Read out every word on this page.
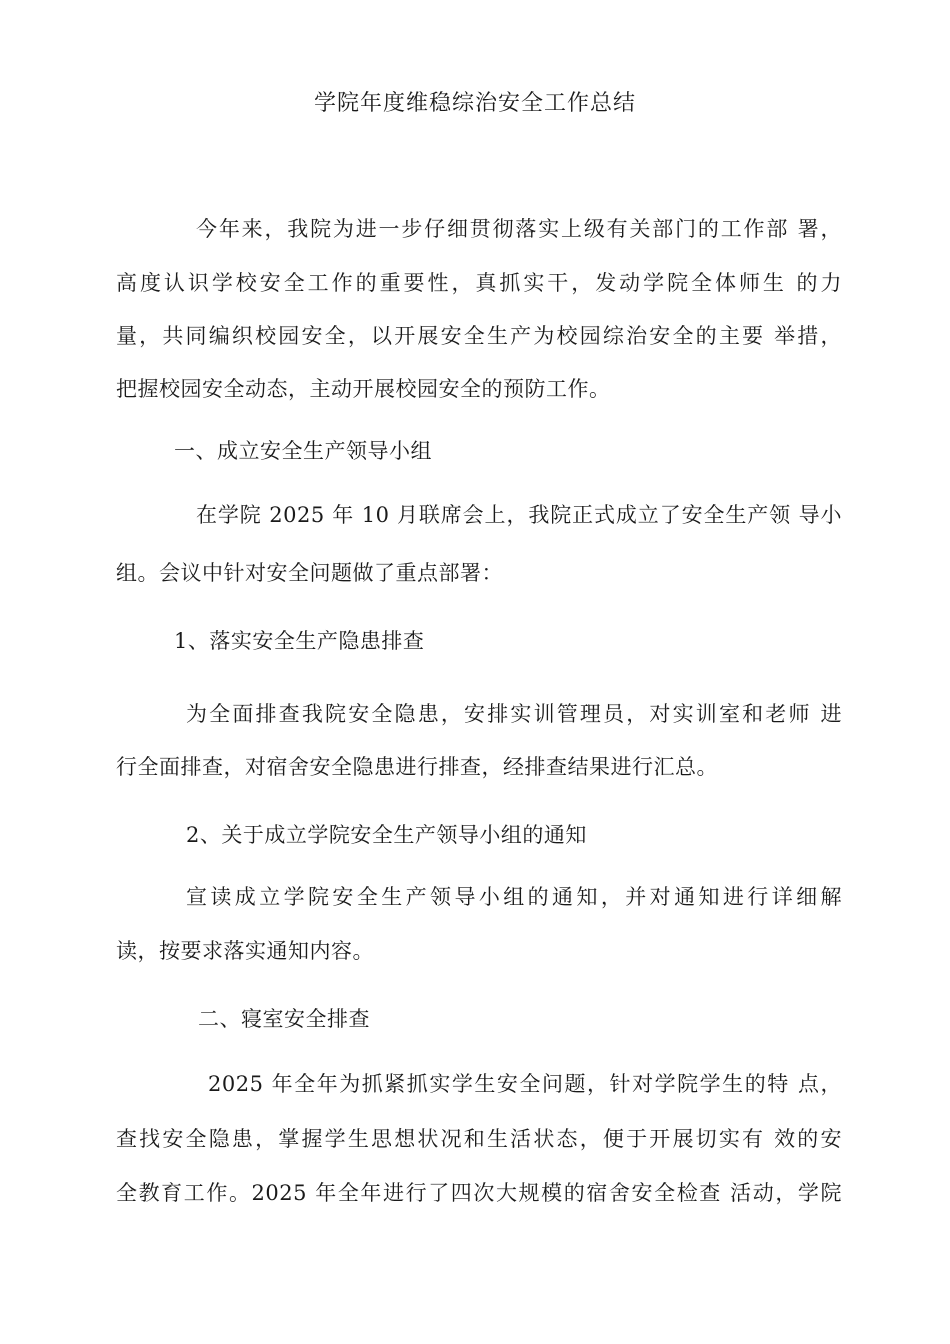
学院年度维稳综治安全工作总结
今年来，我院为进一步仔细贯彻落实上级有关部门的工作部 署，
高度认识学校安全工作的重要性，真抓实干，发动学院全体师生 的力
量，共同编织校园安全，以开展安全生产为校园综治安全的主要 举措，
把握校园安全动态，主动开展校园安全的预防工作。
一、成立安全生产领导小组
在学院 2025 年 10 月联席会上，我院正式成立了安全生产领 导小
组。会议中针对安全问题做了重点部署：
1、落实安全生产隐患排查
为全面排查我院安全隐患，安排实训管理员，对实训室和老师 进
行全面排查，对宿舍安全隐患进行排查，经排查结果进行汇总。
2、关于成立学院安全生产领导小组的通知
宣读成立学院安全生产领导小组的通知，并对通知进行详细解
读，按要求落实通知内容。
二、寝室安全排查
2025 年全年为抓紧抓实学生安全问题，针对学院学生的特 点，
查找安全隐患，掌握学生思想状况和生活状态，便于开展切实有 效的安
全教育工作。2025 年全年进行了四次大规模的宿舍安全检查 活动，学院
